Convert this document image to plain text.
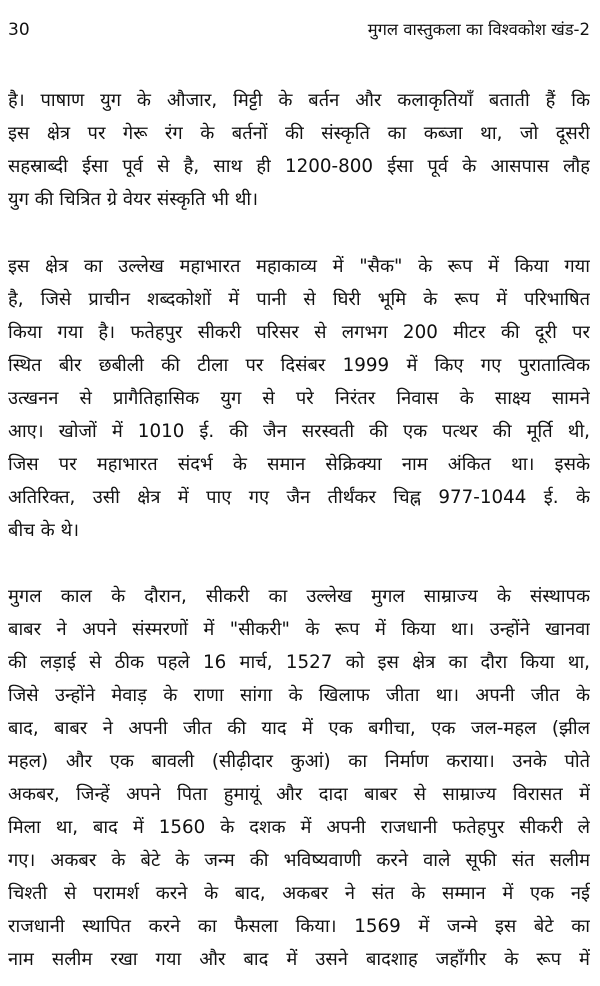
30	मुगल वास्तुकला का विश्वकोश खंड-2
है। पाषाण युग के औजार, मिट्टी के बर्तन और कलाकृतियाँ बताती हैं कि
इस क्षेत्र पर गेरू रंग के बर्तनों की संस्कृति का कब्जा था, जो दूसरी
सहस्राब्दी ईसा पूर्व से है, साथ ही 1200-800 ईसा पूर्व के आसपास लौह
युग की चित्रित ग्रे वेयर संस्कृति भी थी।
इस क्षेत्र का उल्लेख महाभारत महाकाव्य में "सैक" के रूप में किया गया
है, जिसे प्राचीन शब्दकोशों में पानी से घिरी भूमि के रूप में परिभाषित
किया गया है। फतेहपुर सीकरी परिसर से लगभग 200 मीटर की दूरी पर
स्थित बीर छबीली की टीला पर दिसंबर 1999 में किए गए पुरातात्विक
उत्खनन से प्रागैतिहासिक युग से परे निरंतर निवास के साक्ष्य सामने
आए। खोजों में 1010 ई. की जैन सरस्वती की एक पत्थर की मूर्ति थी,
जिस पर महाभारत संदर्भ के समान सेक्रिक्या नाम अंकित था। इसके
अतिरिक्त, उसी क्षेत्र में पाए गए जैन तीर्थंकर चिह्न 977-1044 ई. के
बीच के थे।
मुगल काल के दौरान, सीकरी का उल्लेख मुगल साम्राज्य के संस्थापक
बाबर ने अपने संस्मरणों में "सीकरी" के रूप में किया था। उन्होंने खानवा
की लड़ाई से ठीक पहले 16 मार्च, 1527 को इस क्षेत्र का दौरा किया था,
जिसे उन्होंने मेवाड़ के राणा सांगा के खिलाफ जीता था। अपनी जीत के
बाद, बाबर ने अपनी जीत की याद में एक बगीचा, एक जल-महल (झील
महल) और एक बावली (सीढ़ीदार कुआं) का निर्माण कराया। उनके पोते
अकबर, जिन्हें अपने पिता हुमायूं और दादा बाबर से साम्राज्य विरासत में
मिला था, बाद में 1560 के दशक में अपनी राजधानी फतेहपुर सीकरी ले
गए। अकबर के बेटे के जन्म की भविष्यवाणी करने वाले सूफी संत सलीम
चिश्ती से परामर्श करने के बाद, अकबर ने संत के सम्मान में एक नई
राजधानी स्थापित करने का फैसला किया। 1569 में जन्मे इस बेटे का
नाम सलीम रखा गया और बाद में उसने बादशाह जहाँगीर के रूप में
